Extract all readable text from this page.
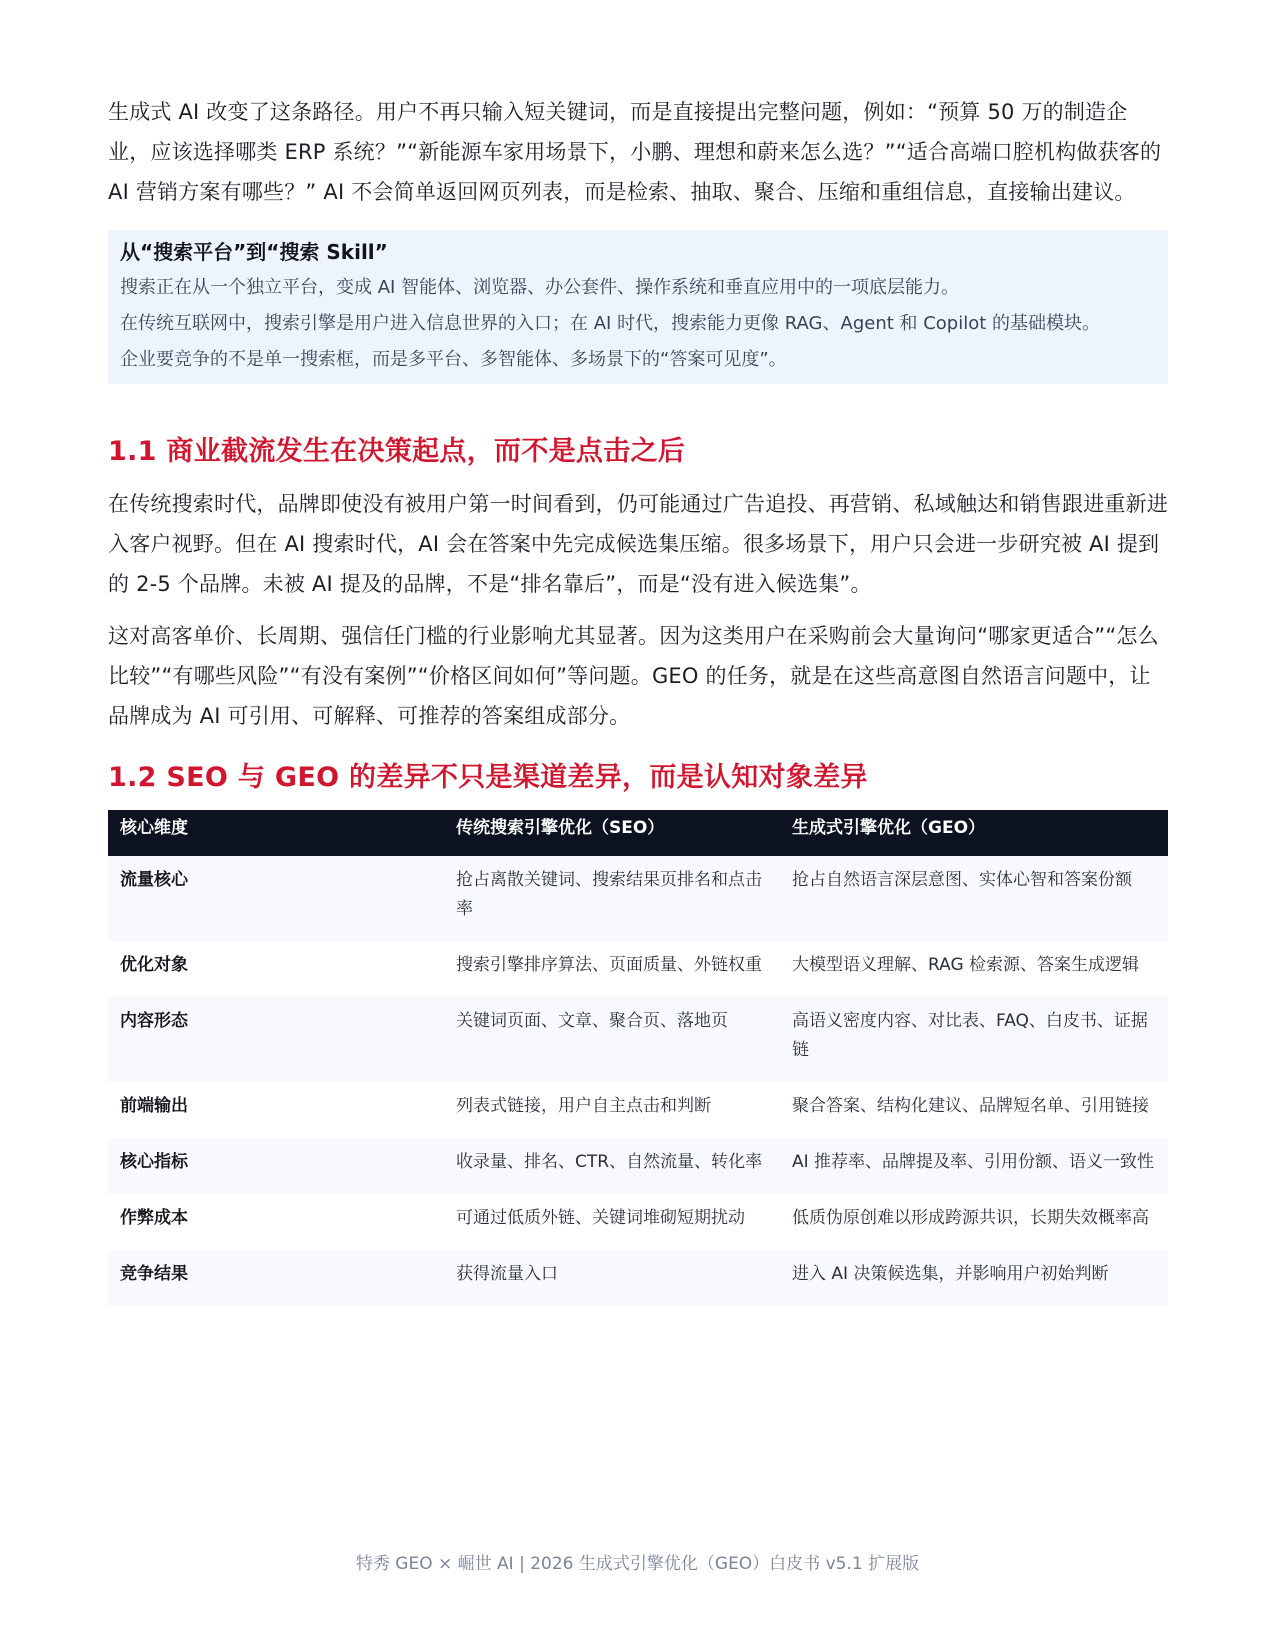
生成式 AI 改变了这条路径。用户不再只输入短关键词，而是直接提出完整问题，例如：“预算 50 万的制造企业，应该选择哪类 ERP 系统？”“新能源车家用场景下，小鹏、理想和蔚来怎么选？”“适合高端口腔机构做获客的 AI 营销方案有哪些？” AI 不会简单返回网页列表，而是检索、抽取、聚合、压缩和重组信息，直接输出建议。

从“搜索平台”到“搜索 Skill”
搜索正在从一个独立平台，变成 AI 智能体、浏览器、办公套件、操作系统和垂直应用中的一项底层能力。
在传统互联网中，搜索引擎是用户进入信息世界的入口；在 AI 时代，搜索能力更像 RAG、Agent 和 Copilot 的基础模块。
企业要竞争的不是单一搜索框，而是多平台、多智能体、多场景下的“答案可见度”。
1.1 商业截流发生在决策起点，而不是点击之后

在传统搜索时代，品牌即使没有被用户第一时间看到，仍可能通过广告追投、再营销、私域触达和销售跟进重新进入客户视野。但在 AI 搜索时代，AI 会在答案中先完成候选集压缩。很多场景下，用户只会进一步研究被 AI 提到的 2-5 个品牌。未被 AI 提及的品牌，不是“排名靠后”，而是“没有进入候选集”。

这对高客单价、长周期、强信任门槛的行业影响尤其显著。因为这类用户在采购前会大量询问“哪家更适合”“怎么比较”“有哪些风险”“有没有案例”“价格区间如何”等问题。GEO 的任务，就是在这些高意图自然语言问题中，让品牌成为 AI 可引用、可解释、可推荐的答案组成部分。

1.2 SEO 与 GEO 的差异不只是渠道差异，而是认知对象差异
核心维度	传统搜索引擎优化（SEO）	生成式引擎优化（GEO）
流量核心	抢占离散关键词、搜索结果页排名和点击率	抢占自然语言深层意图、实体心智和答案份额
优化对象	搜索引擎排序算法、页面质量、外链权重	大模型语义理解、RAG 检索源、答案生成逻辑
内容形态	关键词页面、文章、聚合页、落地页	高语义密度内容、对比表、FAQ、白皮书、证据链
前端输出	列表式链接，用户自主点击和判断	聚合答案、结构化建议、品牌短名单、引用链接
核心指标	收录量、排名、CTR、自然流量、转化率	AI 推荐率、品牌提及率、引用份额、语义一致性
作弊成本	可通过低质外链、关键词堆砌短期扰动	低质伪原创难以形成跨源共识，长期失效概率高
竞争结果	获得流量入口	进入 AI 决策候选集，并影响用户初始判断
特秀 GEO × 崛世 AI | 2026 生成式引擎优化（GEO）白皮书 v5.1 扩展版
